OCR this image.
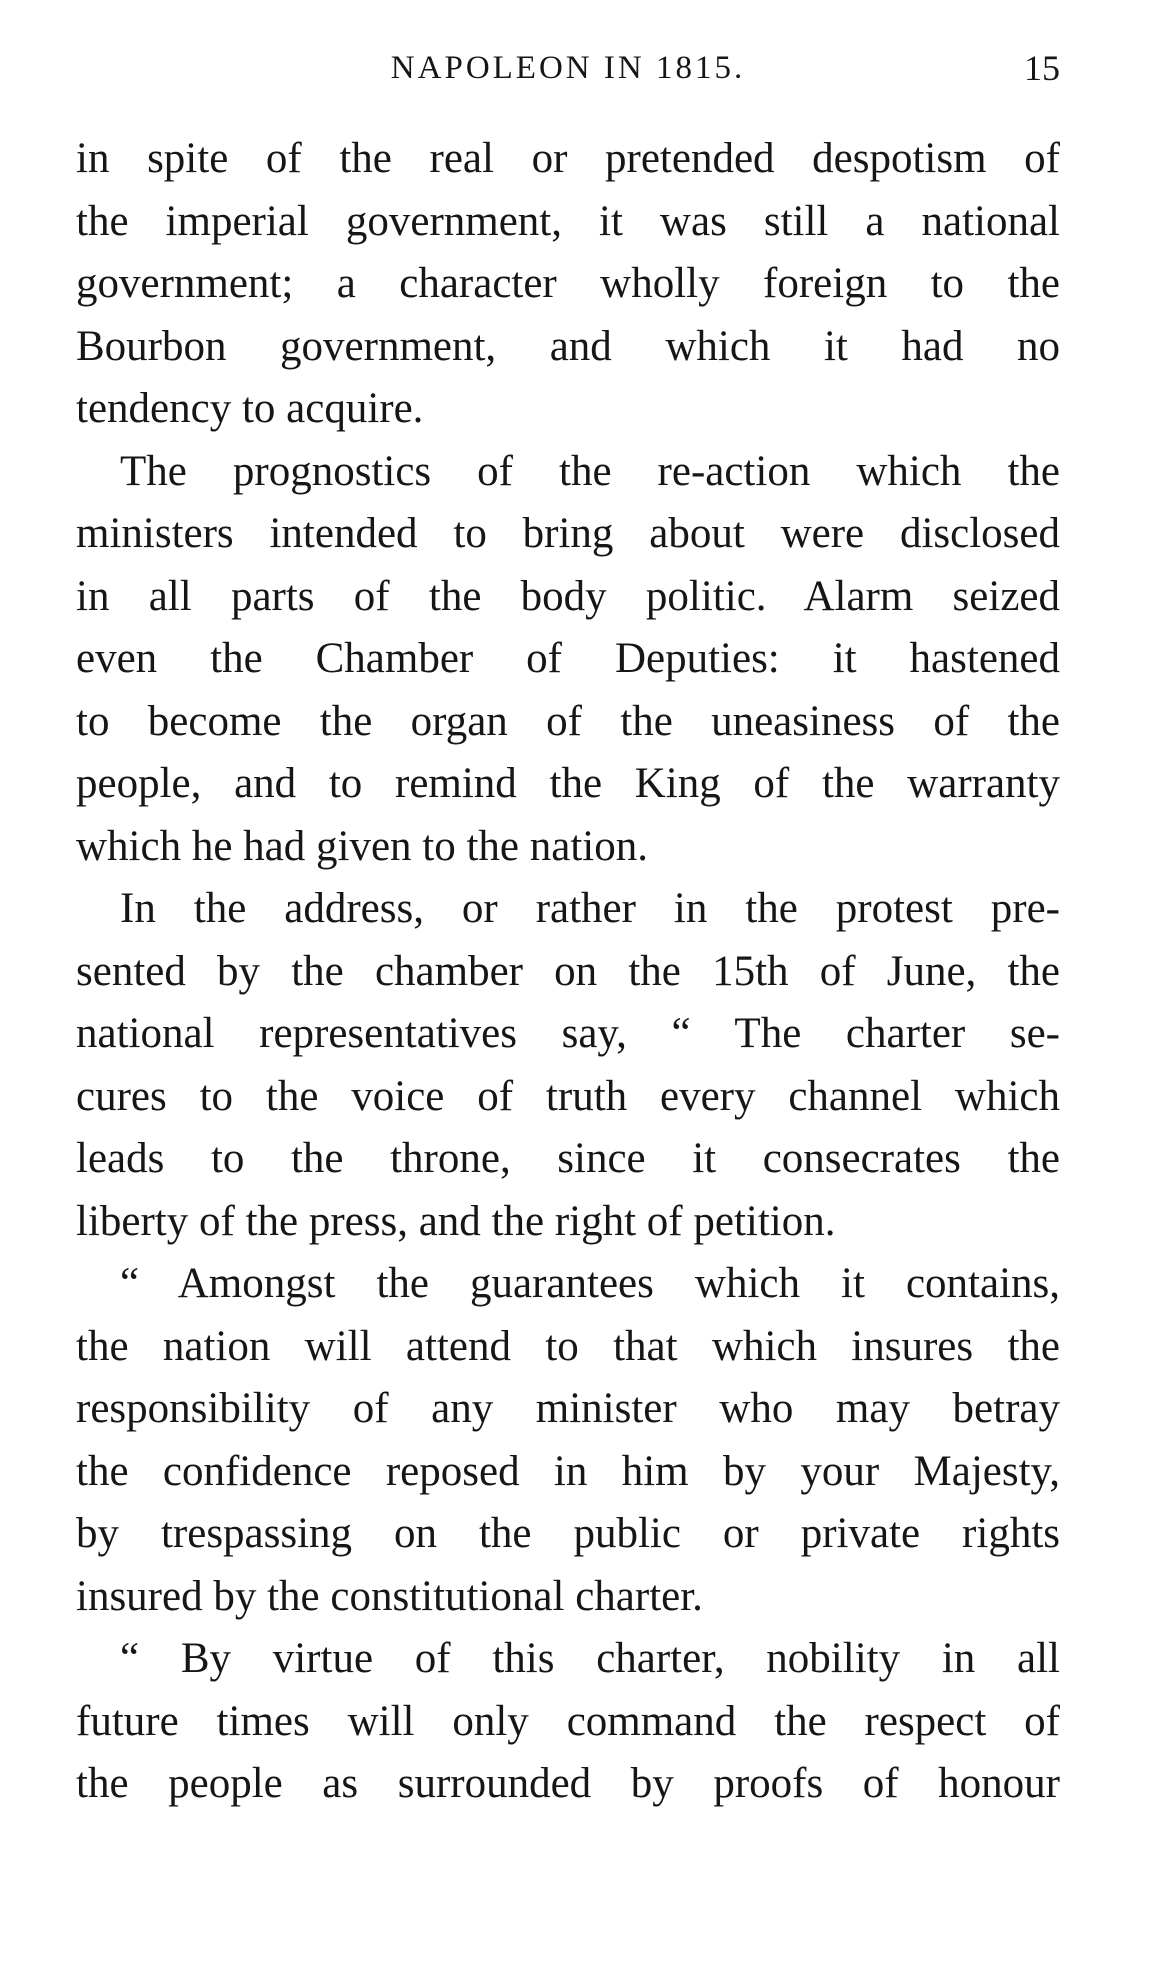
NAPOLEON IN 1815.	15
in spite of the real or pretended despotism of
the imperial government, it was still a national
government; a character wholly foreign to the
Bourbon government, and which it had no
tendency to acquire.
The prognostics of the re-action which the
ministers intended to bring about were disclosed
in all parts of the body politic. Alarm seized
even the Chamber of Deputies: it hastened
to become the organ of the uneasiness of the
people, and to remind the King of the warranty
which he had given to the nation.
In the address, or rather in the protest pre-
sented by the chamber on the 15th of June, the
national representatives say, “ The charter se-
cures to the voice of truth every channel which
leads to the throne, since it consecrates the
liberty of the press, and the right of petition.
“ Amongst the guarantees which it contains,
the nation will attend to that which insures the
responsibility of any minister who may betray
the confidence reposed in him by your Majesty,
by trespassing on the public or private rights
insured by the constitutional charter.
“ By virtue of this charter, nobility in all
future times will only command the respect of
the people as surrounded by proofs of honour
